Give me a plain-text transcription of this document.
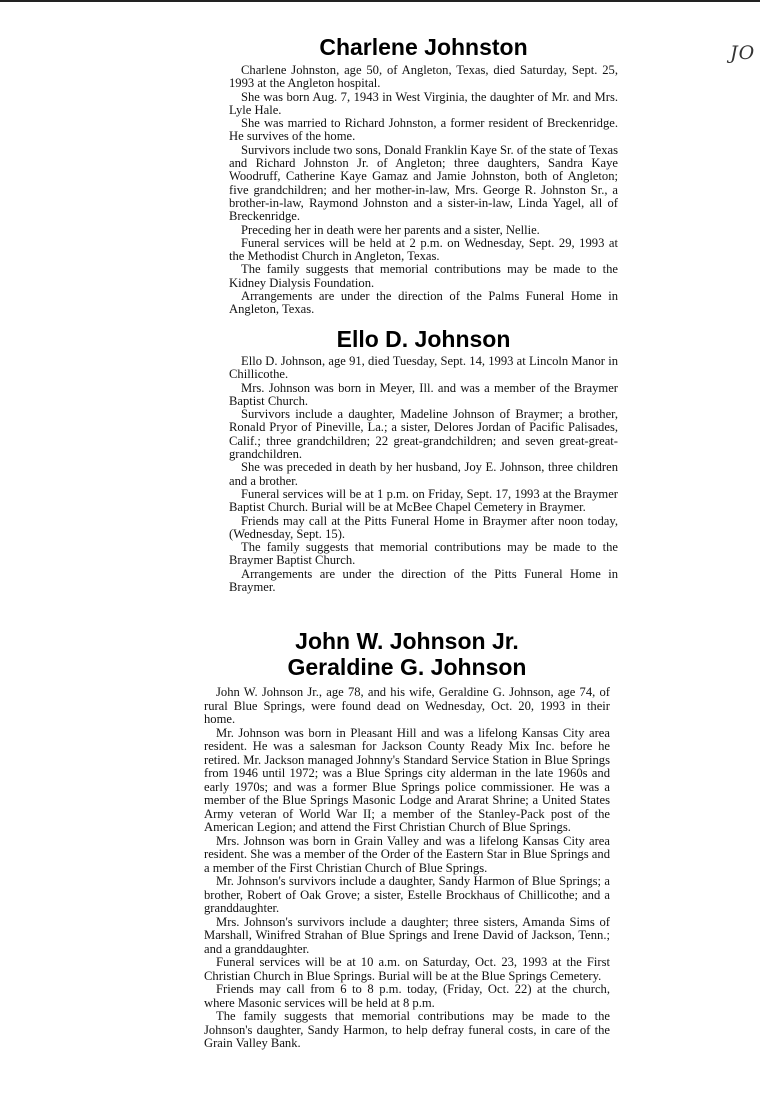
JO
Charlene Johnston

Charlene Johnston, age 50, of Angleton, Texas, died Saturday, Sept. 25, 1993 at the Angleton hospital.

She was born Aug. 7, 1943 in West Virginia, the daughter of Mr. and Mrs. Lyle Hale.

She was married to Richard Johnston, a former resident of Breckenridge. He survives of the home.

Survivors include two sons, Donald Franklin Kaye Sr. of the state of Texas and Richard Johnston Jr. of Angleton; three daughters, Sandra Kaye Woodruff, Catherine Kaye Gamaz and Jamie Johnston, both of Angleton; five grandchildren; and her mother-in-law, Mrs. George R. Johnston Sr., a brother-in-law, Raymond Johnston and a sister-in-law, Linda Yagel, all of Breckenridge.

Preceding her in death were her parents and a sister, Nellie.

Funeral services will be held at 2 p.m. on Wednesday, Sept. 29, 1993 at the Methodist Church in Angleton, Texas.

The family suggests that memorial contributions may be made to the Kidney Dialysis Foundation.

Arrangements are under the direction of the Palms Funeral Home in Angleton, Texas.

Ello D. Johnson

Ello D. Johnson, age 91, died Tuesday, Sept. 14, 1993 at Lincoln Manor in Chillicothe.

Mrs. Johnson was born in Meyer, Ill. and was a member of the Braymer Baptist Church.

Survivors include a daughter, Madeline Johnson of Braymer; a brother, Ronald Pryor of Pineville, La.; a sister, Delores Jordan of Pacific Palisades, Calif.; three grandchildren; 22 great-grandchildren; and seven great-great-grandchildren.

She was preceded in death by her husband, Joy E. Johnson, three children and a brother.

Funeral services will be at 1 p.m. on Friday, Sept. 17, 1993 at the Braymer Baptist Church. Burial will be at McBee Chapel Cemetery in Braymer.

Friends may call at the Pitts Funeral Home in Braymer after noon today, (Wednesday, Sept. 15).

The family suggests that memorial contributions may be made to the Braymer Baptist Church.

Arrangements are under the direction of the Pitts Funeral Home in Braymer.

John W. Johnson Jr.
Geraldine G. Johnson

John W. Johnson Jr., age 78, and his wife, Geraldine G. Johnson, age 74, of rural Blue Springs, were found dead on Wednesday, Oct. 20, 1993 in their home.

Mr. Johnson was born in Pleasant Hill and was a lifelong Kansas City area resident. He was a salesman for Jackson County Ready Mix Inc. before he retired. Mr. Jackson managed Johnny's Standard Service Station in Blue Springs from 1946 until 1972; was a Blue Springs city alderman in the late 1960s and early 1970s; and was a former Blue Springs police commissioner. He was a member of the Blue Springs Masonic Lodge and Ararat Shrine; a United States Army veteran of World War II; a member of the Stanley-Pack post of the American Legion; and attend the First Christian Church of Blue Springs.

Mrs. Johnson was born in Grain Valley and was a lifelong Kansas City area resident. She was a member of the Order of the Eastern Star in Blue Springs and a member of the First Christian Church of Blue Springs.

Mr. Johnson's survivors include a daughter, Sandy Harmon of Blue Springs; a brother, Robert of Oak Grove; a sister, Estelle Brockhaus of Chillicothe; and a granddaughter.

Mrs. Johnson's survivors include a daughter; three sisters, Amanda Sims of Marshall, Winifred Strahan of Blue Springs and Irene David of Jackson, Tenn.; and a granddaughter.

Funeral services will be at 10 a.m. on Saturday, Oct. 23, 1993 at the First Christian Church in Blue Springs. Burial will be at the Blue Springs Cemetery.

Friends may call from 6 to 8 p.m. today, (Friday, Oct. 22) at the church, where Masonic services will be held at 8 p.m.

The family suggests that memorial contributions may be made to the Johnson's daughter, Sandy Harmon, to help defray funeral costs, in care of the Grain Valley Bank.
